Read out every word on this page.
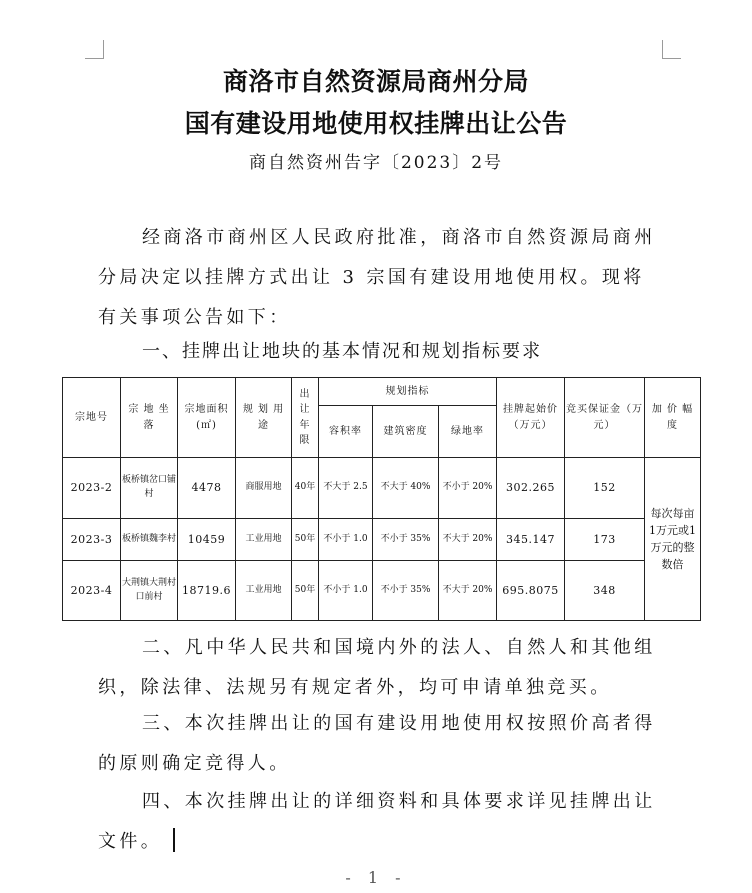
商洛市自然资源局商州分局
国有建设用地使用权挂牌出让公告
商自然资州告字〔2023〕2号
经商洛市商州区人民政府批准，商洛市自然资源局商州分局决定以挂牌方式出让 3 宗国有建设用地使用权。现将有关事项公告如下：
一、挂牌出让地块的基本情况和规划指标要求
宗地号	宗 地 坐 落	宗地面积 (㎡)	规 划 用 途	出 让 年 限	规划指标			挂牌起始价（万元）	竞买保证金（万元）	加 价 幅 度
					容积率	建筑密度	绿地率			
2023-2	板桥镇岔口铺村	4478	商服用地	40年	不大于 2.5	不大于 40%	不小于 20%	302.265	152	每次每亩1万元或1万元的整数倍
2023-3	板桥镇魏李村	10459	工业用地	50年	不小于 1.0	不小于 35%	不大于 20%	345.147	173	
2023-4	大荆镇大荆村口前村	18719.6	工业用地	50年	不小于 1.0	不小于 35%	不大于 20%	695.8075	348	
二、凡中华人民共和国境内外的法人、自然人和其他组织，除法律、法规另有规定者外，均可申请单独竞买。
三、本次挂牌出让的国有建设用地使用权按照价高者得的原则确定竞得人。
四、本次挂牌出让的详细资料和具体要求详见挂牌出让文件。
- 1 -
